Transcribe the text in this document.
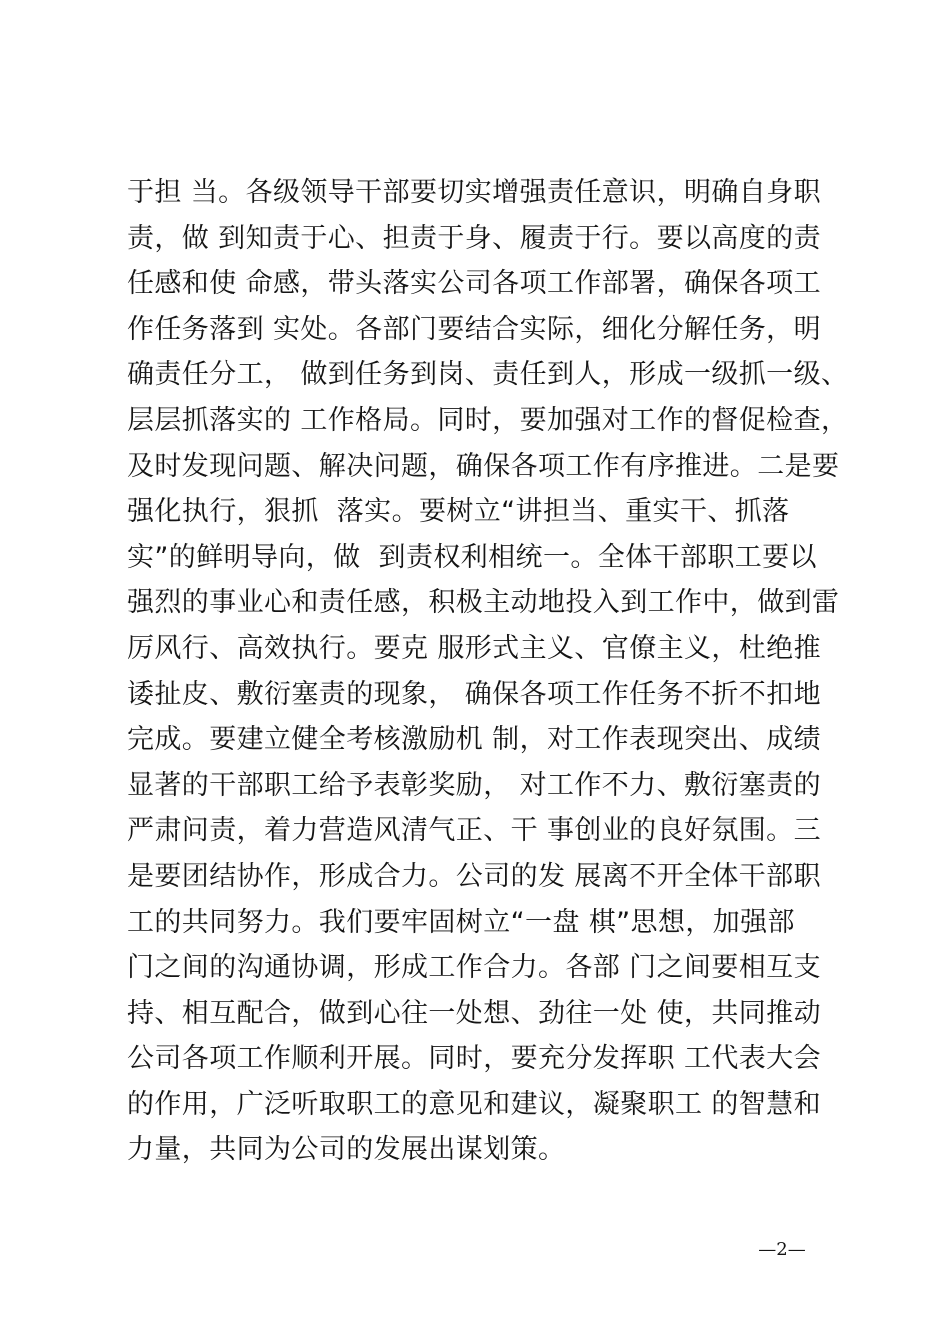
于担 当。各级领导干部要切实增强责任意识，明确自身职
责，做 到知责于心、担责于身、履责于行。要以高度的责
任感和使 命感，带头落实公司各项工作部署，确保各项工
作任务落到 实处。各部门要结合实际，细化分解任务，明
确责任分工， 做到任务到岗、责任到人，形成一级抓一级、
层层抓落实的 工作格局。同时，要加强对工作的督促检查，
及时发现问题、解决问题，确保各项工作有序推进。二是要
强化执行，狠抓  落实。要树立“讲担当、重实干、抓落
实”的鲜明导向，做  到责权利相统一。全体干部职工要以
强烈的事业心和责任感，积极主动地投入到工作中，做到雷
厉风行、高效执行。要克 服形式主义、官僚主义，杜绝推
诿扯皮、敷衍塞责的现象， 确保各项工作任务不折不扣地
完成。要建立健全考核激励机 制，对工作表现突出、成绩
显著的干部职工给予表彰奖励， 对工作不力、敷衍塞责的
严肃问责，着力营造风清气正、干 事创业的良好氛围。三
是要团结协作，形成合力。公司的发 展离不开全体干部职
工的共同努力。我们要牢固树立“一盘 棋”思想，加强部
门之间的沟通协调，形成工作合力。各部 门之间要相互支
持、相互配合，做到心往一处想、劲往一处 使，共同推动
公司各项工作顺利开展。同时，要充分发挥职 工代表大会
的作用，广泛听取职工的意见和建议，凝聚职工 的智慧和
力量，共同为公司的发展出谋划策。
—2—
